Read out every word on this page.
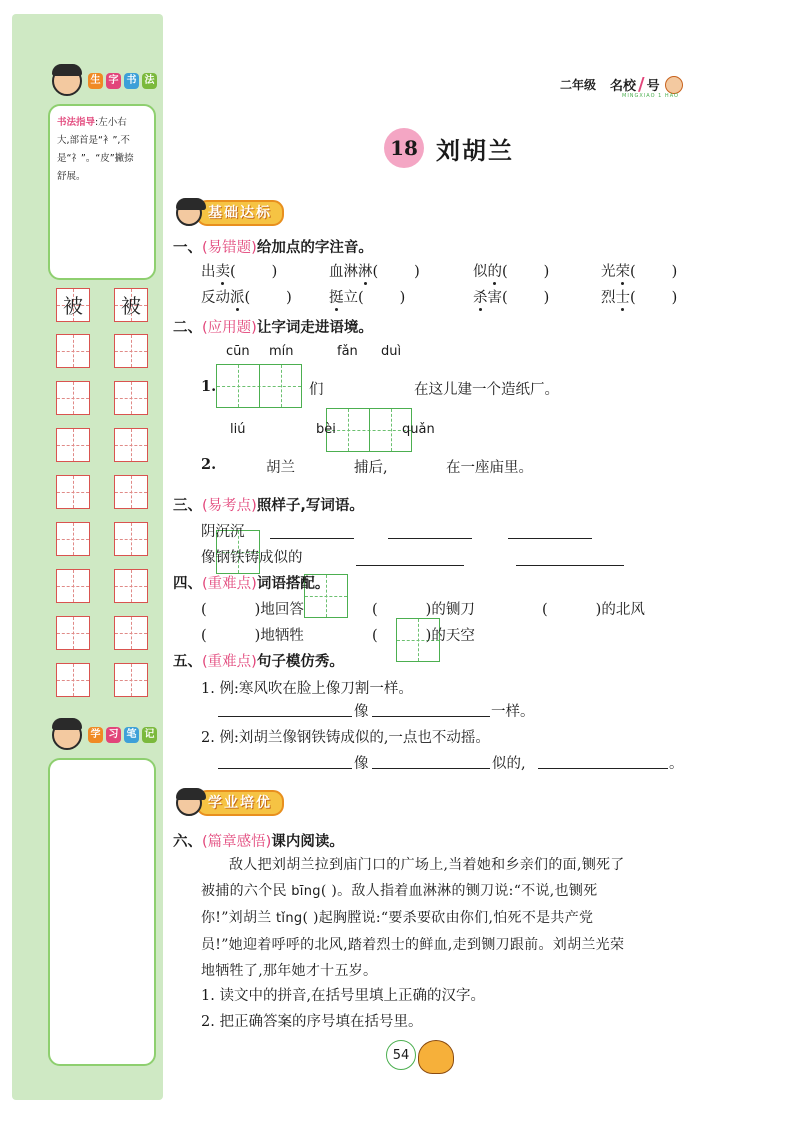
生 字 书 法
书法指导:左小右
大,部首是“衤”,不
是“礻”。“皮”撇捺
舒展。
被	被
学 习 笔 记
二年级 名校 / 号
MINGXIAO 1 HAO
18 刘胡兰
基础达标
一、(易错题)给加点的字注音。
出卖( )	血淋淋( )	似的( )	光荣( )
反动派( )	挺立( )	杀害( )	烈士( )
二、(应用题)让字词走进语境。
cūn mín	fǎn duì
1.	们	在这儿建一个造纸厂。
liú	bèi	quǎn
2.	胡兰	捕后,	在一座庙里。
三、(易考点)照样子,写词语。
阴沉沉
像钢铁铸成似的
四、(重难点)词语搭配。
(	)地回答	(	)的铡刀	(	)的北风
(	)地牺牲	(	)的天空
五、(重难点)句子模仿秀。
1. 例:寒风吹在脸上像刀割一样。
像	一样。
2. 例:刘胡兰像钢铁铸成似的,一点也不动摇。
像	似的,	。
学业培优
六、(篇章感悟)课内阅读。
敌人把刘胡兰拉到庙门口的广场上,当着她和乡亲们的面,铡死了
被捕的六个民 bīng( )。敌人指着血淋淋的铡刀说:“不说,也铡死
你!”刘胡兰 tǐng( )起胸膛说:“要杀要砍由你们,怕死不是共产党
员!”她迎着呼呼的北风,踏着烈士的鲜血,走到铡刀跟前。刘胡兰光荣
地牺牲了,那年她才十五岁。
1. 读文中的拼音,在括号里填上正确的汉字。
2. 把正确答案的序号填在括号里。
54
